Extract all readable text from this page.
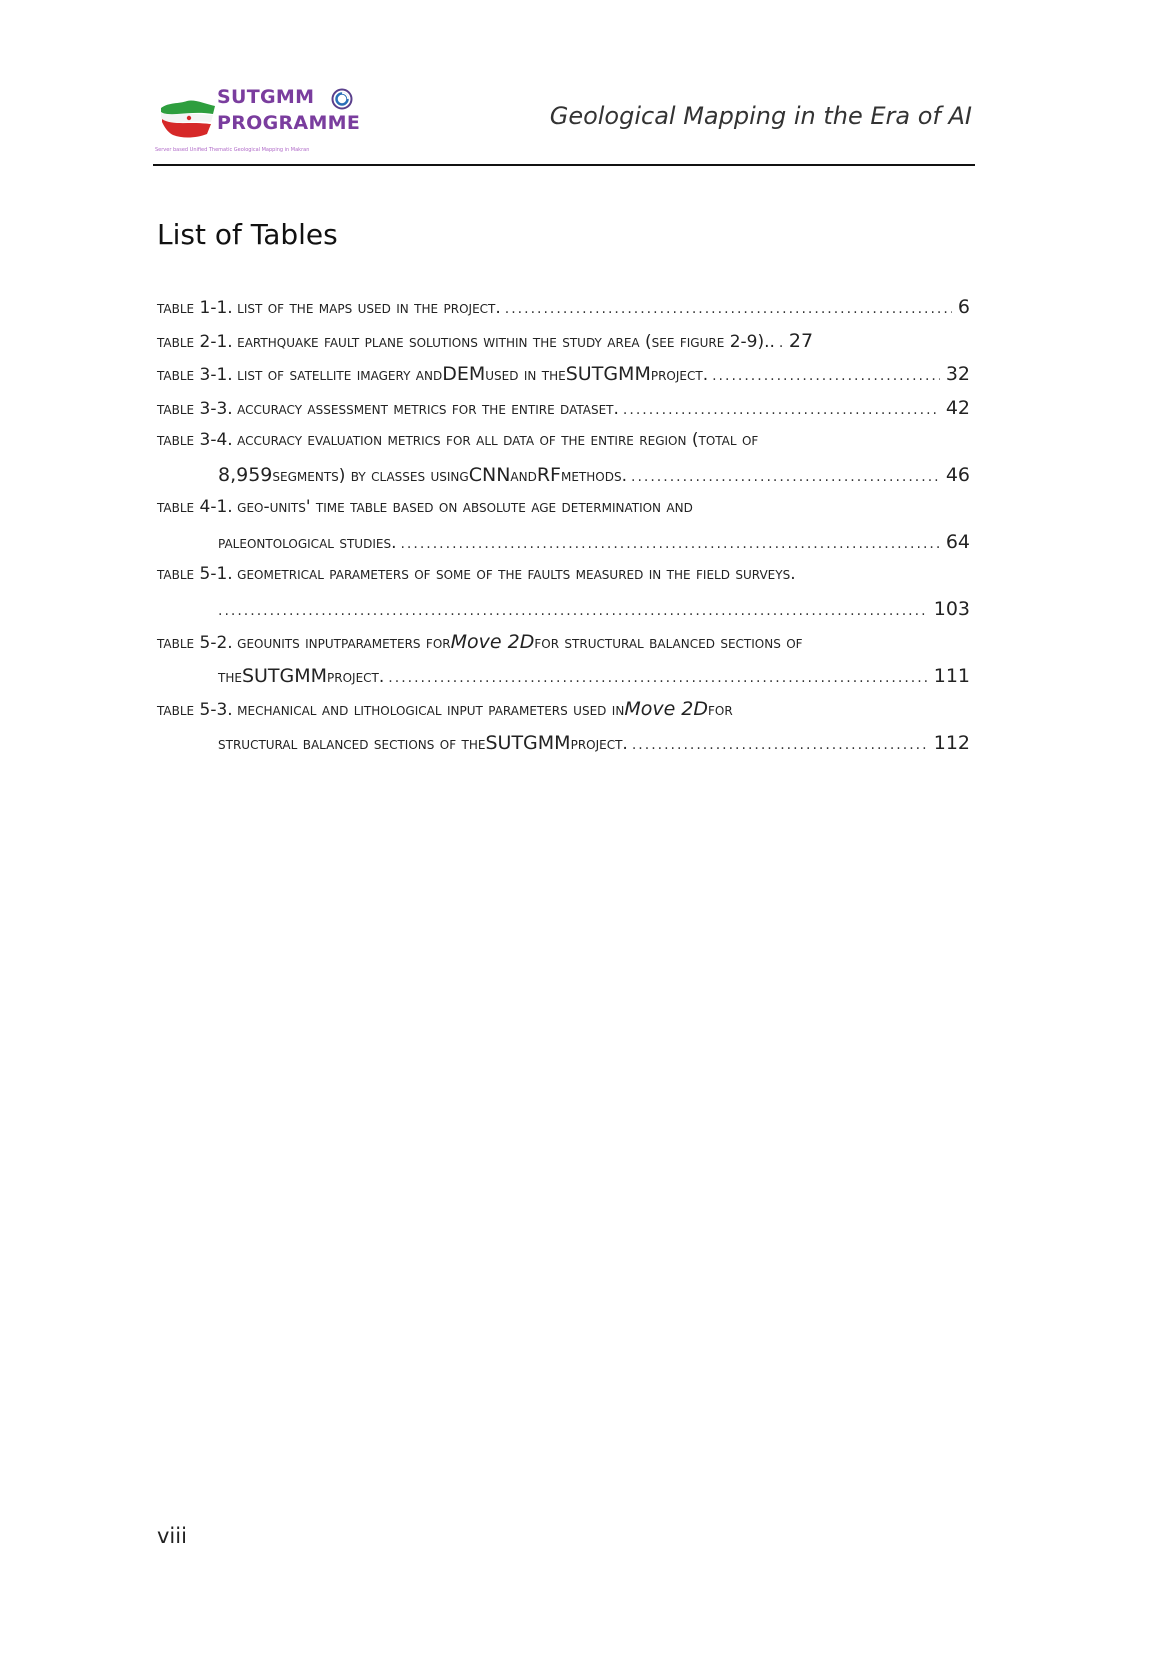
SUTGMM
PROGRAMME
Server based Unified Thematic Geological Mapping in Makran
Geological Mapping in the Era of AI
List of Tables
table 1-1.
list of the maps used in the project. .....	6
table 2-1.
earthquake fault plane solutions within the study area (see figure 2-9).. ..... 27
table 3-1.
list of satellite imagery and DEM used in the SUTGMM project. .....	32
table 3-3.
accuracy assessment metrics for the entire dataset. .....	42
table 3-4.
accuracy evaluation metrics for all data of the entire region (total of
8,959 segments) by classes using CNN and RF methods. .....	46
table 4-1.
geo-units' time table based on absolute age determination and
paleontological studies. .....	64
table 5-1.
geometrical parameters of some of the faults measured in the field surveys.
.....
103
table 5-2.
geounits inputparameters for Move 2D for structural balanced sections of
the SUTGMM project. .....	111
table 5-3.
mechanical and lithological input parameters used in Move 2D for
structural balanced sections of the SUTGMM project. .....	112
viii
